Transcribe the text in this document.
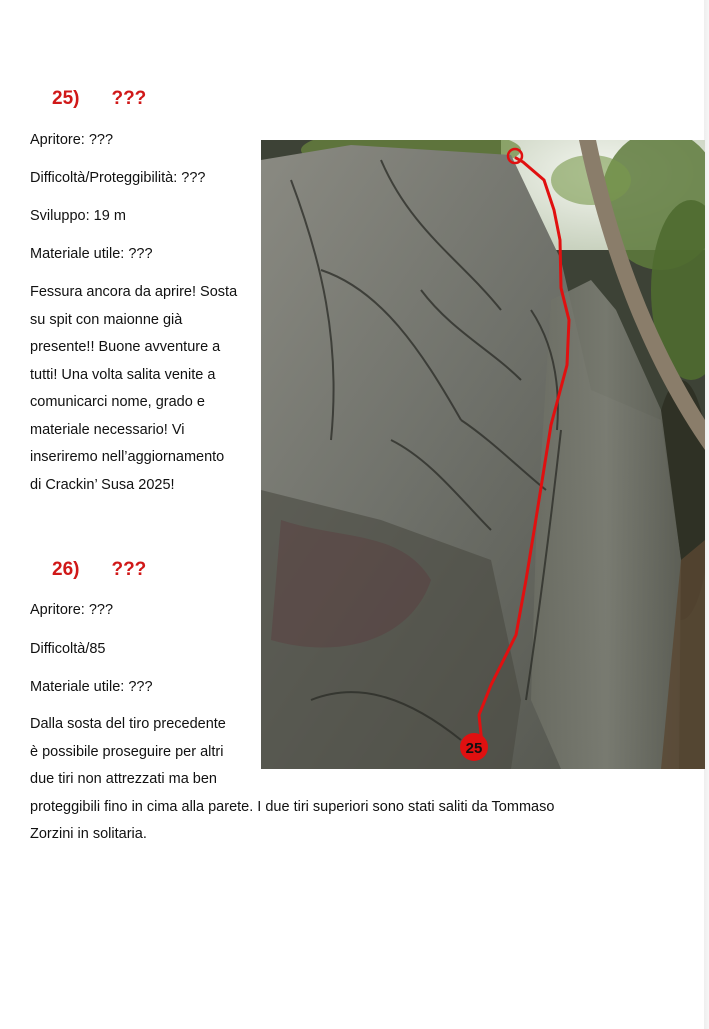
25) ???
Apritore: ???
Difficoltà/Proteggibilità: ???
Sviluppo: 19 m
Materiale utile: ???
Fessura ancora da aprire! Sosta
su spit con maionne già
presente!! Buone avventure a
tutti! Una volta salita venite a
comunicarci nome, grado e
materiale necessario! Vi
inseriremo nell’aggiornamento
di Crackin’ Susa 2025!
26) ???
Apritore: ???
Difficoltà/85
Materiale utile: ???
Dalla sosta del tiro precedente
è possibile proseguire per altri
due tiri non attrezzati ma ben
proteggibili fino in cima alla parete. I due tiri superiori sono stati saliti da Tommaso
Zorzini in solitaria.
25
